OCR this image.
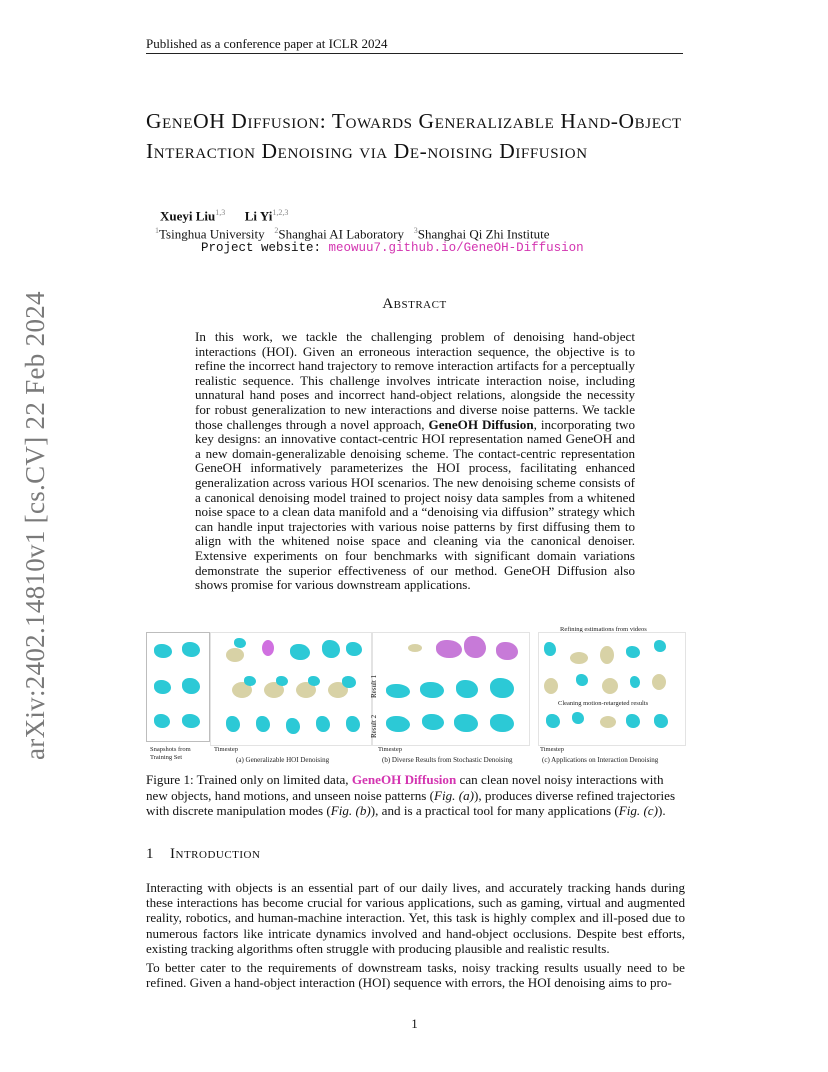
Published as a conference paper at ICLR 2024
arXiv:2402.14810v1 [cs.CV] 22 Feb 2024
GeneOH Diffusion: Towards Generalizable Hand-Object Interaction Denoising via De-noising Diffusion
Xueyi Liu$^{1,3}$ Li Yi$^{1,2,3}$
$^1$Tsinghua University $^2$Shanghai AI Laboratory $^3$Shanghai Qi Zhi Institute
Project website: meowuu7.github.io/GeneOH-Diffusion
Abstract
In this work, we tackle the challenging problem of denoising hand-object interactions (HOI). Given an erroneous interaction sequence, the objective is to refine the incorrect hand trajectory to remove interaction artifacts for a perceptually realistic sequence. This challenge involves intricate interaction noise, including unnatural hand poses and incorrect hand-object relations, alongside the necessity for robust generalization to new interactions and diverse noise patterns. We tackle those challenges through a novel approach, GeneOH Diffusion, incorporating two key designs: an innovative contact-centric HOI representation named GeneOH and a new domain-generalizable denoising scheme. The contact-centric representation GeneOH informatively parameterizes the HOI process, facilitating enhanced generalization across various HOI scenarios. The new denoising scheme consists of a canonical denoising model trained to project noisy data samples from a whitened noise space to a clean data manifold and a “denoising via diffusion” strategy which can handle input trajectories with various noise patterns by first diffusing them to align with the whitened noise space and cleaning via the canonical denoiser. Extensive experiments on four benchmarks with significant domain variations demonstrate the superior effectiveness of our method. GeneOH Diffusion also shows promise for various downstream applications.
Snapshots from
Training Set
Timestep
(a) Generalizable HOI Denoising
Result 1
Result 2
Timestep
(b) Diverse Results from Stochastic Denoising
Refining estimations from videos
Cleaning motion-retargeted results
Timestep
(c) Applications on Interaction Denoising
Figure 1: Trained only on limited data, GeneOH Diffusion can clean novel noisy interactions with new objects, hand motions, and unseen noise patterns (Fig. (a)), produces diverse refined trajectories with discrete manipulation modes (Fig. (b)), and is a practical tool for many applications (Fig. (c)).
1 Introduction
Interacting with objects is an essential part of our daily lives, and accurately tracking hands during these interactions has become crucial for various applications, such as gaming, virtual and augmented reality, robotics, and human-machine interaction. Yet, this task is highly complex and ill-posed due to numerous factors like intricate dynamics involved and hand-object occlusions. Despite best efforts, existing tracking algorithms often struggle with producing plausible and realistic results.
To better cater to the requirements of downstream tasks, noisy tracking results usually need to be refined. Given a hand-object interaction (HOI) sequence with errors, the HOI denoising aims to pro-
1
